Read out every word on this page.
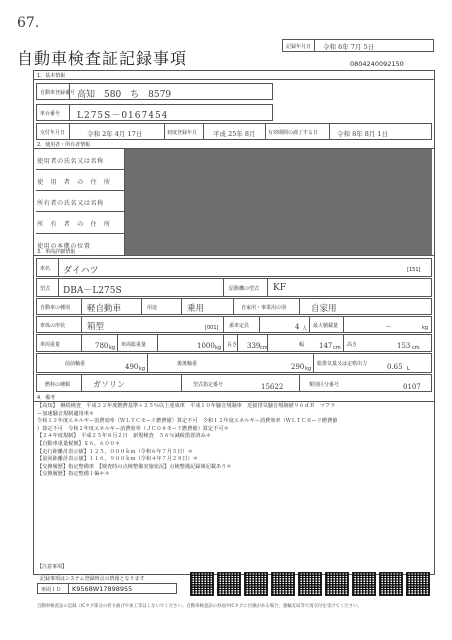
67.
自動車検査証記録事項
記録年月日 令和 6年 7月 5日
0804240092150
1．基本情報
自動車登録番号 高知　580　ち　8579
車台番号 L275S－0167454
交付年月日	令和 2年 4月 17日	初度登録年月 平成 25年 8月 有効期間の満了する日	令和 8年 8月 1日
2．使用者・所有者情報
使用者の氏名又は名称
使　用　者　の　住　所
所有者の氏名又は名称
所　有　者　の　住　所
使用の本拠の位置
3．車両詳細情報
車名 ダイハツ	[151]
型式 DBA－L275S	原動機の型式 KF
自動車の種別 軽自動車	用途	乗用	自家用・事業用の別	自家用
車体の形状	箱型	[001] 乗車定員	4 人 最大積載量	－	kg
車両重量	780 kg 車両総重量	1000 kg 長さ 339 cm	幅 147 cm 高さ	153 cm
前前軸重	490 kg
後後軸重	290 kg
総排気量又は定格出力	0.65 L
燃料の種類	ガソリン	型式指定番号	15622	類別区分番号	0107
4．備考
【高知】　継続検査　平成２２年度燃費基準＋２５％以上達成車　平成１０年騒音規制車　近接排気騒音規制値９６ｄＢ　マフラ
ー加速騒音規制適用車＊
令和１２年度エネルギー消費効率（ＷＬＴＣモード燃費値）算定不可　令和１２年度エネルギー消費効率（ＷＬＴＣモード燃費値
）算定不可　令和２年度エネルギー消費効率（ＪＣ０８モード燃費値）算定不可＊
【２４年度規制】　平成２５年８月２日　新規検査　５６％減税措置済み＊
【自動車重量税額】￥６，６００＊
【走行距離計表示値】１２５，０００ｋｍ（令和６年７月５日）＊
【前回距離計表示値】１１６，９００ｋｍ（令和４年７月２８日）＊
【交換履歴】指定整備車　【検査時の点検整備実施状況】点検整備記録簿記載あり＊
【交換履歴】指定整備１偏＊＊
【注意事項】
記録事項はシステム登録時点の情報となります
車両ＩＤ K9568W17898955
自動車検査証の記録（ICタグ部分の折り曲げや加工等はしないでください。自動車検査証の券面やICタグに汚損がある場合、運輸支局等で再交付を受けてください。
